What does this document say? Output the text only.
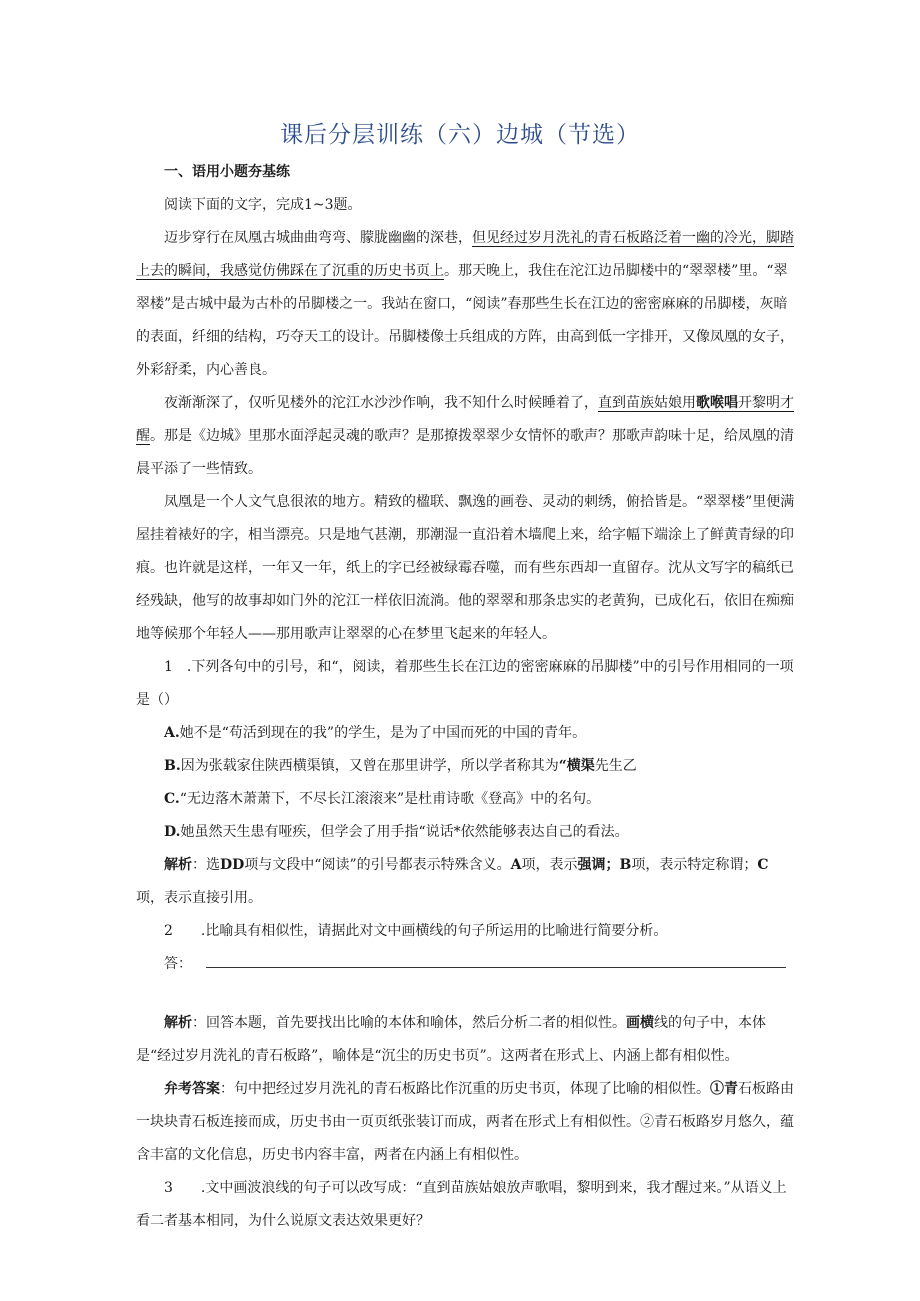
课后分层训练（六）边城（节选）

一、语用小题夯基练

阅读下面的文字，完成1~3题。

迈步穿行在凤凰古城曲曲弯弯、朦胧幽幽的深巷，但见经过岁月洗礼的青石板路泛着一幽的冷光，脚踏上去的瞬间，我感觉仿佛踩在了沉重的历史书页上。那天晚上，我住在沱江边吊脚楼中的“翠翠楼”里。“翠翠楼”是古城中最为古朴的吊脚楼之一。我站在窗口，“阅读”春那些生长在江边的密密麻麻的吊脚楼，灰暗的表面，纤细的结构，巧夺天工的设计。吊脚楼像士兵组成的方阵，由高到低一字排开，又像凤凰的女子，外彩舒柔，内心善良。

夜渐渐深了，仅听见楼外的沱江水沙沙作响，我不知什么时候睡着了，直到苗族姑娘用歌喉唱开黎明才醒。那是《边城》里那水面浮起灵魂的歌声？是那撩拨翠翠少女情怀的歌声？那歌声韵味十足，给凤凰的清晨平添了一些情致。

凤凰是一个人文气息很浓的地方。精致的楹联、飘逸的画卷、灵动的刺绣，俯拾皆是。“翠翠楼”里便满屋挂着裱好的字，相当漂亮。只是地气甚潮，那潮湿一直沿着木墙爬上来，给字幅下端涂上了鲜黄青绿的印痕。也许就是这样，一年又一年，纸上的字已经被绿霉吞噬，而有些东西却一直留存。沈从文写字的稿纸已经残缺，他写的故事却如门外的沱江一样依旧流淌。他的翠翠和那条忠实的老黄狗，已成化石，依旧在痴痴地等候那个年轻人——那用歌声让翠翠的心在梦里飞起来的年轻人。

1　.下列各句中的引号，和“，阅读，着那些生长在江边的密密麻麻的吊脚楼”中的引号作用相同的一项是（）

A.她不是“苟活到现在的我”的学生，是为了中国而死的中国的青年。

B.因为张载家住陕西横渠镇，又曾在那里讲学，所以学者称其为“横渠先生乙

C.“无边落木萧萧下，不尽长江滚滚来”是杜甫诗歌《登高》中的名句。

D.她虽然天生患有哑疾，但学会了用手指“说话*依然能够表达自己的看法。

解析：选DD项与文段中“阅读”的引号都表示特殊含义。A项，表示强调；B项，表示特定称谓；C项，表示直接引用。

2　　.比喻具有相似性，请据此对文中画横线的句子所运用的比喻进行简要分析。

答：

解析：回答本题，首先要找出比喻的本体和喻体，然后分析二者的相似性。画横线的句子中，本体是“经过岁月洗礼的青石板路”，喻体是“沉尘的历史书页”。这两者在形式上、内涵上都有相似性。

弁考答案：句中把经过岁月洗礼的青石板路比作沉重的历史书页，体现了比喻的相似性。①青石板路由一块块青石板连接而成，历史书由一页页纸张装订而成，两者在形式上有相似性。②青石板路岁月悠久，蕴含丰富的文化信息，历史书内容丰富，两者在内涵上有相似性。

3　　.文中画波浪线的句子可以改写成：“直到苗族姑娘放声歌唱，黎明到来，我才醒过来。”从语义上看二者基本相同，为什么说原文表达效果更好？
